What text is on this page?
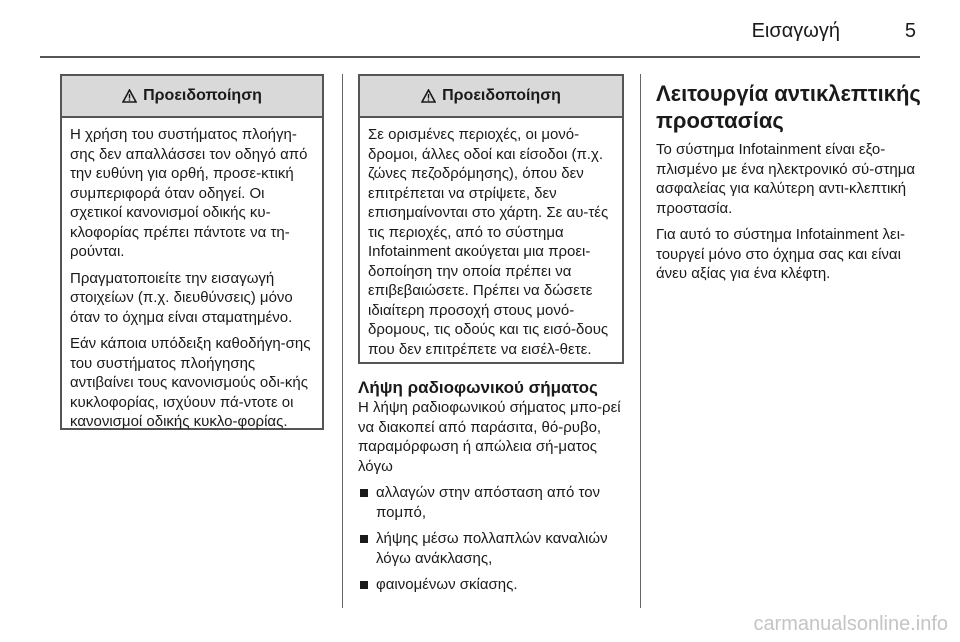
Εισαγωγή	5
Προειδοποίηση

Η χρήση του συστήματος πλοήγη-σης δεν απαλλάσσει τον οδηγό από την ευθύνη για ορθή, προσε-κτική συμπεριφορά όταν οδηγεί. Οι σχετικοί κανονισμοί οδικής κυ-κλοφορίας πρέπει πάντοτε να τη-ρούνται.

Πραγματοποιείτε την εισαγωγή στοιχείων (π.χ. διευθύνσεις) μόνο όταν το όχημα είναι σταματημένο.

Εάν κάποια υπόδειξη καθοδήγη-σης του συστήματος πλοήγησης αντιβαίνει τους κανονισμούς οδι-κής κυκλοφορίας, ισχύουν πά-ντοτε οι κανονισμοί οδικής κυκλο-φορίας.

Προειδοποίηση

Σε ορισμένες περιοχές, οι μονό-δρομοι, άλλες οδοί και είσοδοι (π.χ. ζώνες πεζοδρόμησης), όπου δεν επιτρέπεται να στρίψετε, δεν επισημαίνονται στο χάρτη. Σε αυ-τές τις περιοχές, από το σύστημα Infotainment ακούγεται μια προει-δοποίηση την οποία πρέπει να επιβεβαιώσετε. Πρέπει να δώσετε ιδιαίτερη προσοχή στους μονό-δρομους, τις οδούς και τις εισό-δους που δεν επιτρέπετε να εισέλ-θετε.

Λήψη ραδιοφωνικού σήματος

Η λήψη ραδιοφωνικού σήματος μπο-ρεί να διακοπεί από παράσιτα, θό-ρυβο, παραμόρφωση ή απώλεια σή-ματος λόγω

αλλαγών στην απόσταση από τον πομπό,
λήψης μέσω πολλαπλών καναλιών λόγω ανάκλασης,
φαινομένων σκίασης.
Λειτουργία αντικλεπτικής προστασίας

Το σύστημα Infotainment είναι εξο-πλισμένο με ένα ηλεκτρονικό σύ-στημα ασφαλείας για καλύτερη αντι-κλεπτική προστασία.

Για αυτό το σύστημα Infotainment λει-τουργεί μόνο στο όχημα σας και είναι άνευ αξίας για ένα κλέφτη.

carmanualsonline.info
